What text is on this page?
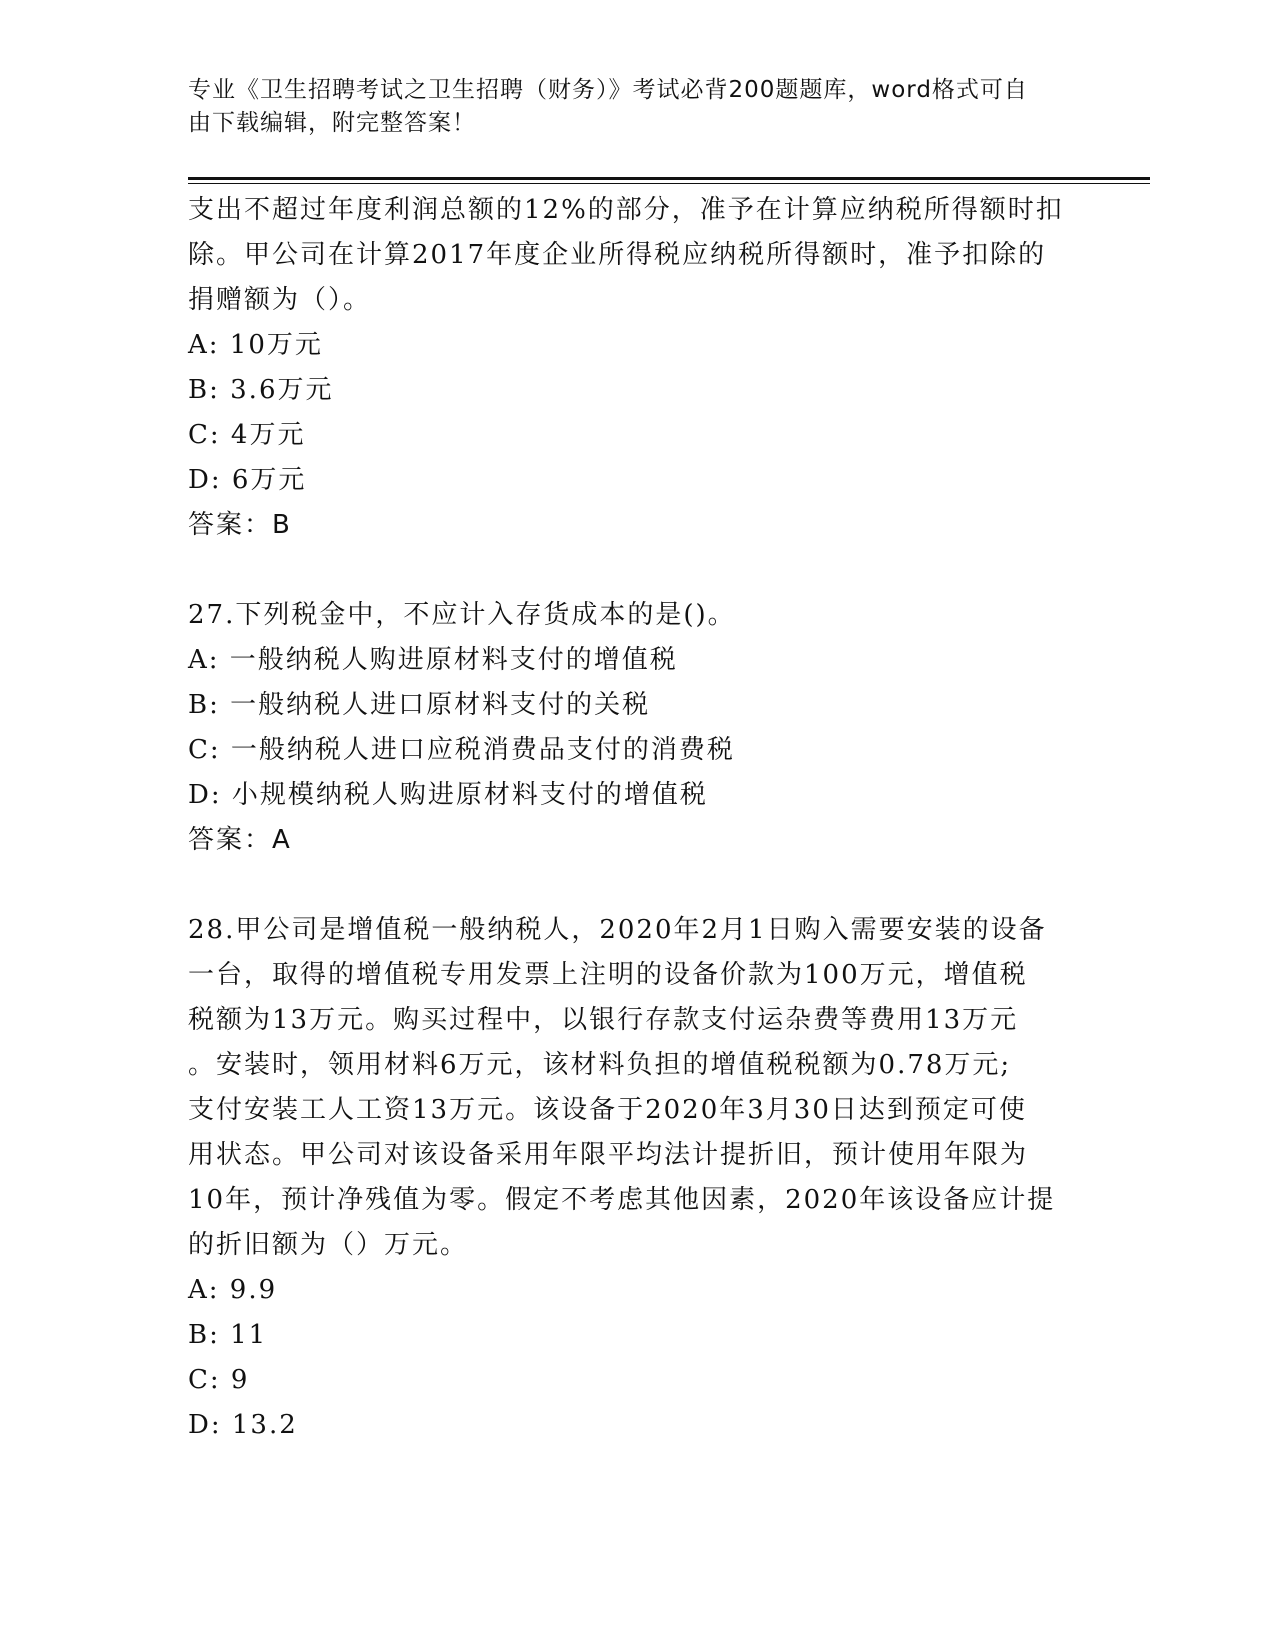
专业《卫生招聘考试之卫生招聘（财务）》考试必背200题题库，word格式可自
由下载编辑，附完整答案！
支出不超过年度利润总额的12%的部分，准予在计算应纳税所得额时扣
除。甲公司在计算2017年度企业所得税应纳税所得额时，准予扣除的
捐赠额为（）。
A: 10万元
B: 3.6万元
C: 4万元
D: 6万元
答案：B
27.下列税金中，不应计入存货成本的是()。
A: 一般纳税人购进原材料支付的增值税
B: 一般纳税人进口原材料支付的关税
C: 一般纳税人进口应税消费品支付的消费税
D: 小规模纳税人购进原材料支付的增值税
答案：A
28.甲公司是增值税一般纳税人，2020年2月1日购入需要安装的设备
一台，取得的增值税专用发票上注明的设备价款为100万元，增值税
税额为13万元。购买过程中，以银行存款支付运杂费等费用13万元
。安装时，领用材料6万元，该材料负担的增值税税额为0.78万元;
支付安装工人工资13万元。该设备于2020年3月30日达到预定可使
用状态。甲公司对该设备采用年限平均法计提折旧，预计使用年限为
10年，预计净残值为零。假定不考虑其他因素，2020年该设备应计提
的折旧额为（）万元。
A: 9.9
B: 11
C: 9
D: 13.2
